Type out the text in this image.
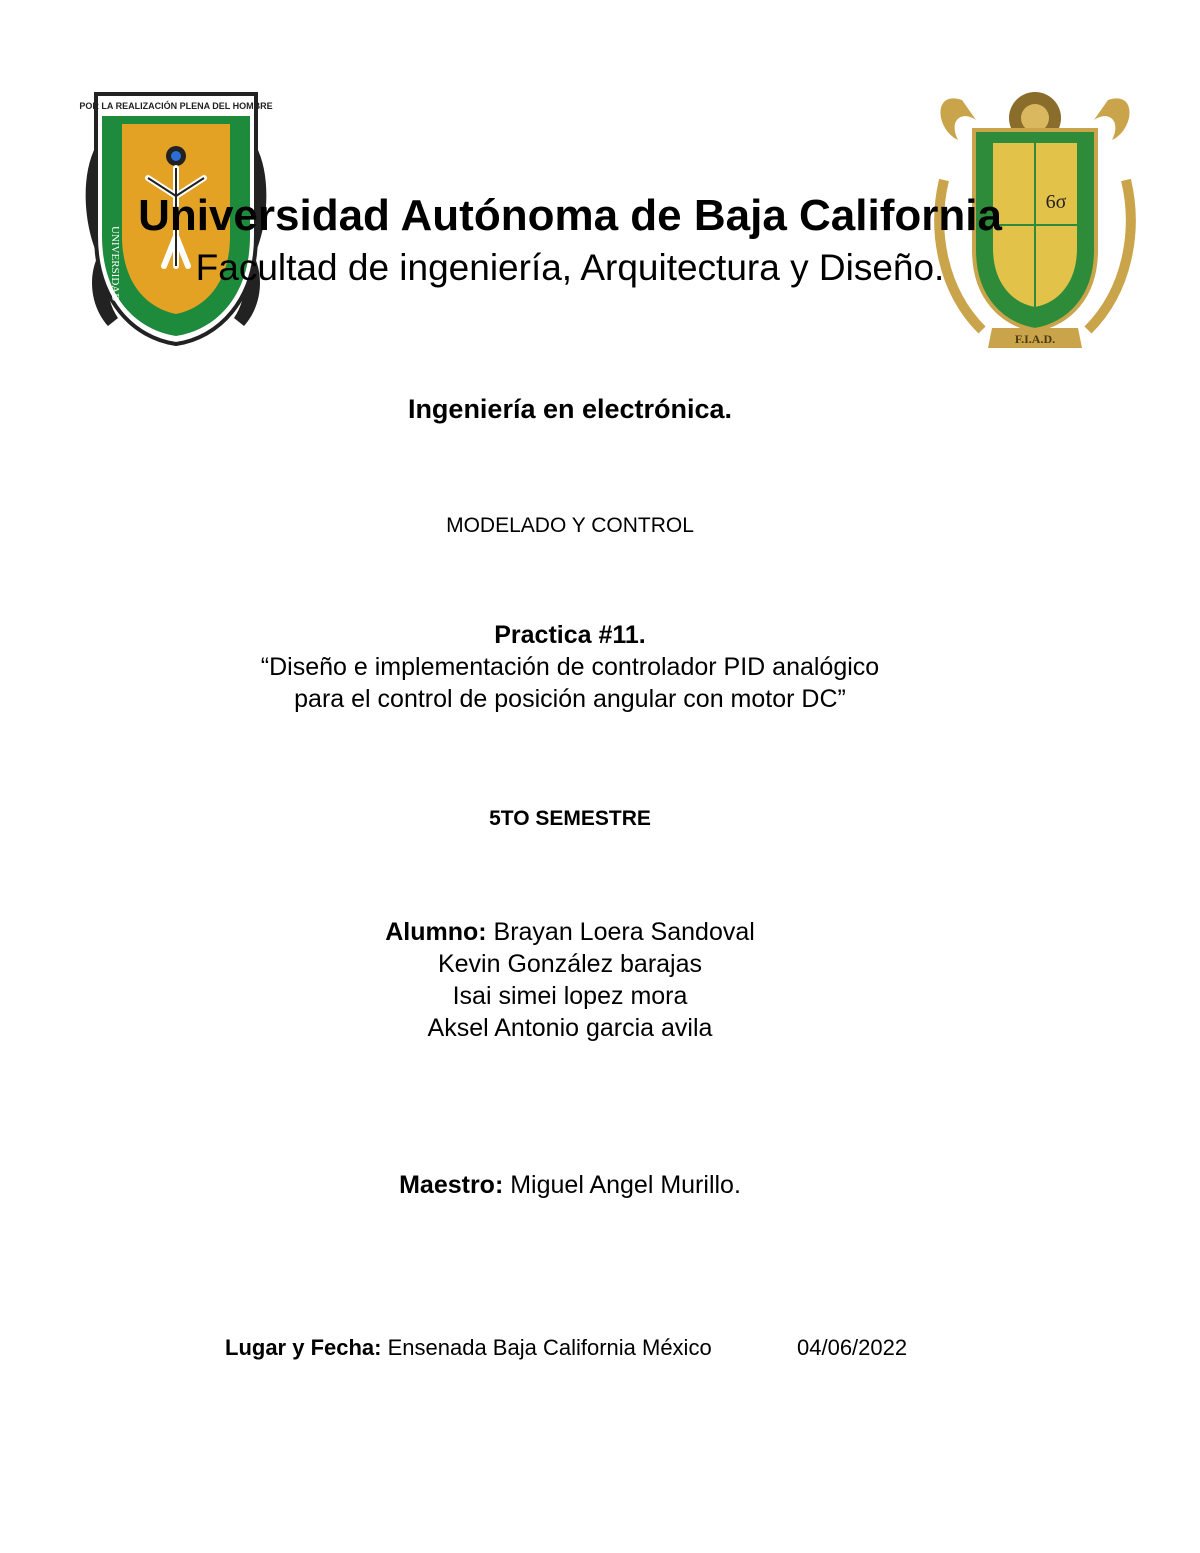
POR LA REALIZACIÓN PLENA DEL HOMBRE
UNIVERSIDAD
6σ
F.I.A.D.
Universidad Autónoma de Baja California
Facultad de ingeniería, Arquitectura y Diseño.
Ingeniería en electrónica.
MODELADO Y CONTROL
Practica #11.
“Diseño e implementación de controlador PID analógico
para el control de posición angular con motor DC”
5TO SEMESTRE
Alumno: Brayan Loera Sandoval
Kevin González barajas
Isai simei lopez mora
Aksel Antonio garcia avila
Maestro: Miguel Angel Murillo.
Lugar y Fecha: Ensenada Baja California México	04/06/2022
